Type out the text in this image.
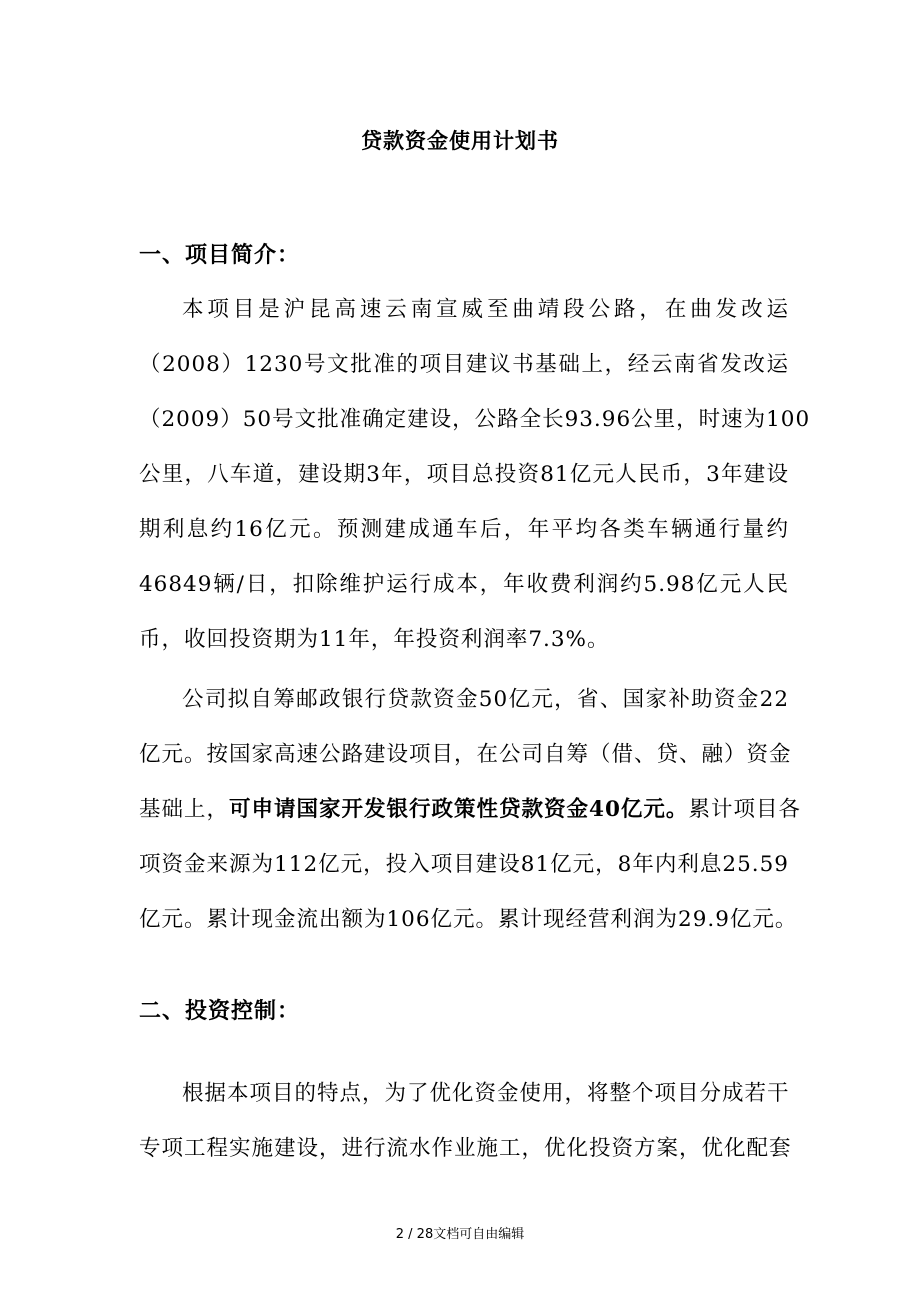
贷款资金使用计划书
一、项目简介：
本项目是沪昆高速云南宣威至曲靖段公路，在曲发改运
（2008）1230号文批准的项目建议书基础上，经云南省发改运
（2009）50号文批准确定建设，公路全长93.96公里，时速为100
公里，八车道，建设期3年，项目总投资81亿元人民币，3年建设
期利息约16亿元。预测建成通车后，年平均各类车辆通行量约
46849辆/日，扣除维护运行成本，年收费利润约5.98亿元人民
币，收回投资期为11年，年投资利润率7.3%。
公司拟自筹邮政银行贷款资金50亿元，省、国家补助资金22
亿元。按国家高速公路建设项目，在公司自筹（借、贷、融）资金
基础上，可申请国家开发银行政策性贷款资金40亿元。累计项目各
项资金来源为112亿元，投入项目建设81亿元，8年内利息25.59
亿元。累计现金流出额为106亿元。累计现经营利润为29.9亿元。
二、投资控制：
根据本项目的特点，为了优化资金使用，将整个项目分成若干
专项工程实施建设，进行流水作业施工，优化投资方案，优化配套
2 / 28文档可自由编辑
